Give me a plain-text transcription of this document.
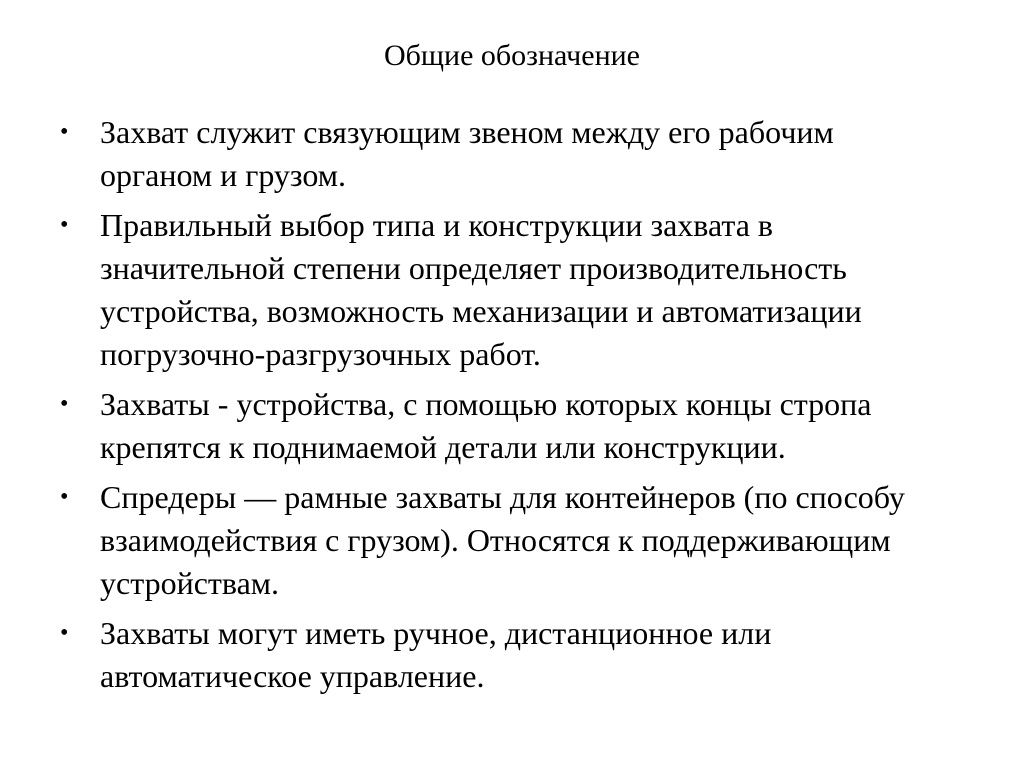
Общие обозначение
• Захват служит связующим звеном между его рабочим
органом и грузом.
• Правильный выбор типа и конструкции захвата в
значительной степени определяет производительность
устройства, возможность механизации и автоматизации
погрузочно-разгрузочных работ.
• Захваты - устройства, с помощью которых концы стропа
крепятся к поднимаемой детали или конструкции.
• Спредеры — рамные захваты для контейнеров (по способу
взаимодействия с грузом). Относятся к поддерживающим
устройствам.
• Захваты могут иметь ручное, дистанционное или
автоматическое управление.
